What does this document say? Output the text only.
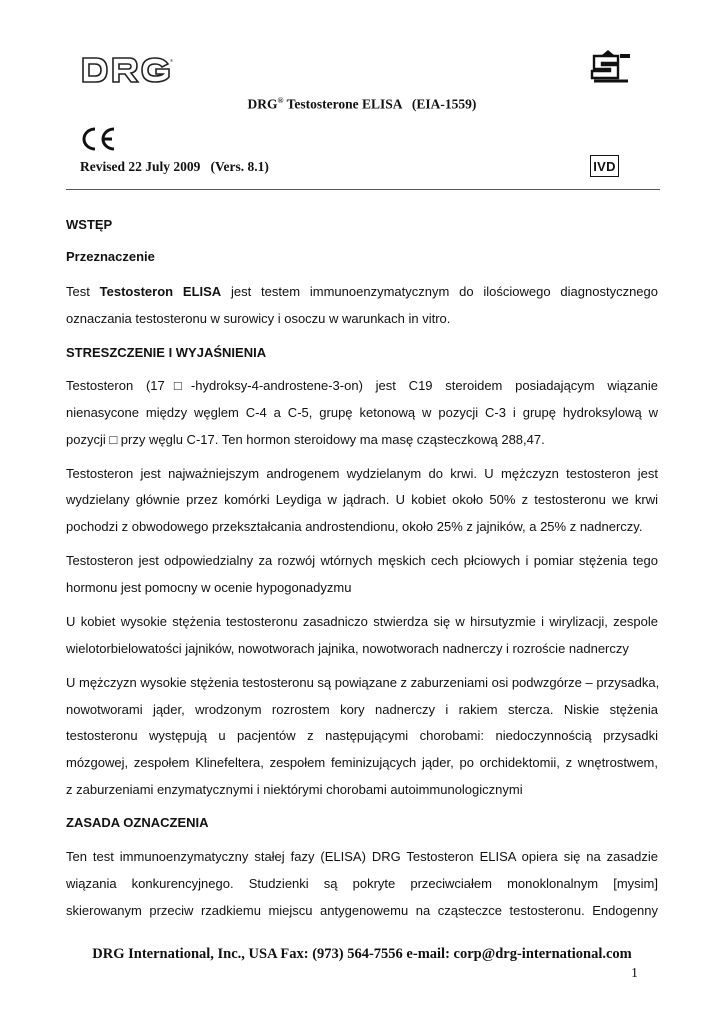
®
DRG® Testosterone ELISA   (EIA-1559)
Revised 22 July 2009   (Vers. 8.1)	IVD
WSTĘP
Przeznaczenie
Test Testosteron ELISA jest testem immunoenzymatycznym do ilościowego diagnostycznego
oznaczania testosteronu w surowicy i osoczu w warunkach in vitro.
STRESZCZENIE I WYJAŚNIENIA
Testosteron (17□-hydroksy-4-androstene-3-on) jest C19 steroidem posiadającym wiązanie
nienasycone między węglem C-4 a C-5, grupę ketonową w pozycji C-3 i grupę hydroksylową w
pozycji □ przy węglu C-17. Ten hormon steroidowy ma masę cząsteczkową 288,47.
Testosteron jest najważniejszym androgenem wydzielanym do krwi. U mężczyzn testosteron jest
wydzielany głównie przez komórki Leydiga w jądrach. U kobiet około 50% z testosteronu we krwi
pochodzi z obwodowego przekształcania androstendionu, około 25% z jajników, a 25% z nadnerczy.
Testosteron jest odpowiedzialny za rozwój wtórnych męskich cech płciowych i pomiar stężenia tego
hormonu jest pomocny w ocenie hypogonadyzmu
U kobiet wysokie stężenia testosteronu zasadniczo stwierdza się w hirsutyzmie i wirylizacji, zespole
wielotorbielowatości jajników, nowotworach jajnika, nowotworach nadnerczy i rozroście nadnerczy
U mężczyzn wysokie stężenia testosteronu są powiązane z zaburzeniami osi podwzgórze – przysadka,
nowotworami jąder, wrodzonym rozrostem kory nadnerczy i rakiem stercza. Niskie stężenia
testosteronu występują u pacjentów z następującymi chorobami: niedoczynnością przysadki
mózgowej, zespołem Klinefeltera, zespołem feminizujących jąder, po orchidektomii, z wnętrostwem,
z zaburzeniami enzymatycznymi i niektórymi chorobami autoimmunologicznymi
ZASADA OZNACZENIA
Ten test immunoenzymatyczny stałej fazy (ELISA) DRG Testosteron ELISA opiera się na zasadzie
wiązania konkurencyjnego. Studzienki są pokryte przeciwciałem monoklonalnym [mysim]
skierowanym przeciw rzadkiemu miejscu antygenowemu na cząsteczce testosteronu. Endogenny
DRG International, Inc., USA Fax: (973) 564-7556 e-mail: corp@drg-international.com
1
